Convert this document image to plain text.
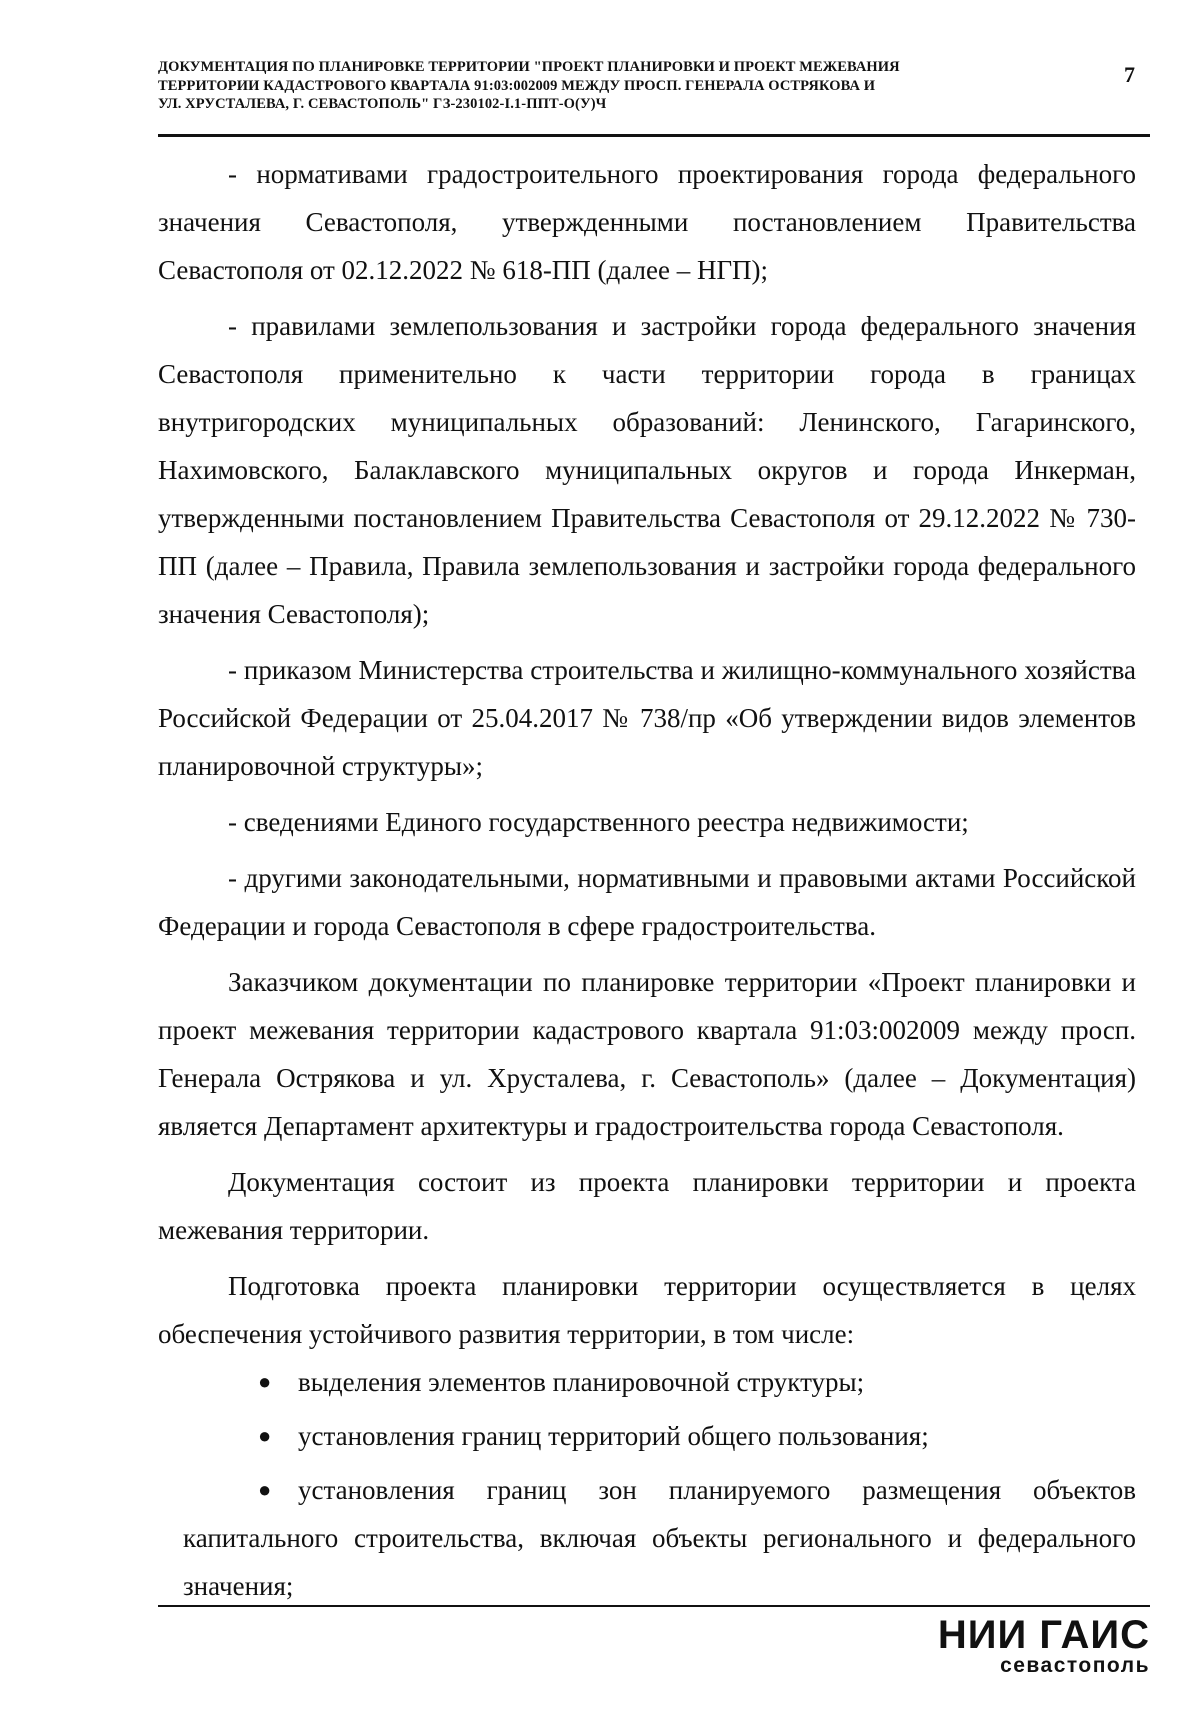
ДОКУМЕНТАЦИЯ ПО ПЛАНИРОВКЕ ТЕРРИТОРИИ "ПРОЕКТ ПЛАНИРОВКИ И ПРОЕКТ МЕЖЕВАНИЯ
ТЕРРИТОРИИ КАДАСТРОВОГО КВАРТАЛА 91:03:002009 МЕЖДУ ПРОСП. ГЕНЕРАЛА ОСТРЯКОВА И
УЛ. ХРУСТАЛЕВА, Г. СЕВАСТОПОЛЬ" ГЗ-230102-I.1-ППТ-О(У)Ч
7

- нормативами градостроительного проектирования города федерального значения Севастополя, утвержденными постановлением Правительства Севастополя от 02.12.2022 № 618-ПП (далее – НГП);

- правилами землепользования и застройки города федерального значения Севастополя применительно к части территории города в границах внутригородских муниципальных образований: Ленинского, Гагаринского, Нахимовского, Балаклавского муниципальных округов и города Инкерман, утвержденными постановлением Правительства Севастополя от 29.12.2022 № 730-ПП (далее – Правила, Правила землепользования и застройки города федерального значения Севастополя);

- приказом Министерства строительства и жилищно-коммунального хозяйства Российской Федерации от 25.04.2017 № 738/пр «Об утверждении видов элементов планировочной структуры»;

- сведениями Единого государственного реестра недвижимости;

- другими законодательными, нормативными и правовыми актами Российской Федерации и города Севастополя в сфере градостроительства.

Заказчиком документации по планировке территории «Проект планировки и проект межевания территории кадастрового квартала 91:03:002009 между просп. Генерала Острякова и ул. Хрусталева, г. Севастополь» (далее – Документация) является Департамент архитектуры и градостроительства города Севастополя.

Документация состоит из проекта планировки территории и проекта межевания территории.

Подготовка проекта планировки территории осуществляется в целях обеспечения устойчивого развития территории, в том числе:

● выделения элементов планировочной структуры;
● установления границ территорий общего пользования;
● установления границ зон планируемого размещения объектов капитального строительства, включая объекты регионального и федерального значения;
НИИ ГАИС
севастополь
